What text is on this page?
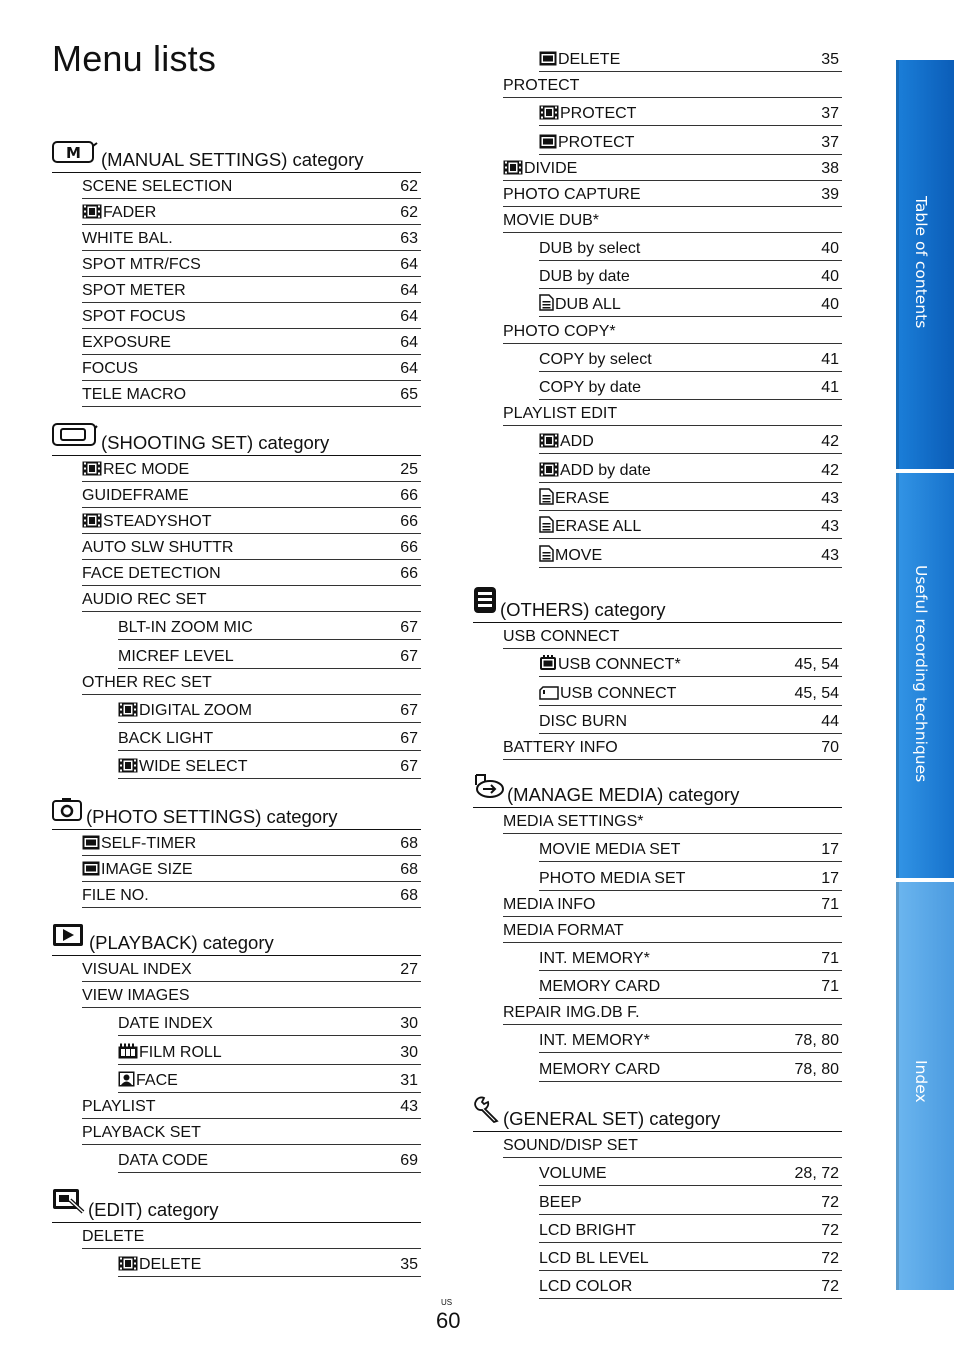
Menu lists
M (MANUAL SETTINGS) category
SCENE SELECTION	62
FADER	62
WHITE BAL.	63
SPOT MTR/FCS	64
SPOT METER	64
SPOT FOCUS	64
EXPOSURE	64
FOCUS	64
TELE MACRO	65
(SHOOTING SET) category
REC MODE	25
GUIDEFRAME	66
STEADYSHOT	66
AUTO SLW SHUTTR	66
FACE DETECTION	66
AUDIO REC SET
BLT-IN ZOOM MIC	67
MICREF LEVEL	67
OTHER REC SET
DIGITAL ZOOM	67
BACK LIGHT	67
WIDE SELECT	67
(PHOTO SETTINGS) category
SELF-TIMER	68
IMAGE SIZE	68
FILE NO.	68
(PLAYBACK) category
VISUAL INDEX	27
VIEW IMAGES
DATE INDEX	30
FILM ROLL	30
FACE	31
PLAYLIST	43
PLAYBACK SET
DATA CODE	69
(EDIT) category
DELETE
DELETE	35
DELETE	35
PROTECT
PROTECT	37
PROTECT	37
DIVIDE	38
PHOTO CAPTURE	39
MOVIE DUB*
DUB by select	40
DUB by date	40
DUB ALL	40
PHOTO COPY*
COPY by select	41
COPY by date	41
PLAYLIST EDIT
ADD	42
ADD by date	42
ERASE	43
ERASE ALL	43
MOVE	43
(OTHERS) category
USB CONNECT
USB CONNECT*	45, 54
USB CONNECT	45, 54
DISC BURN	44
BATTERY INFO	70
(MANAGE MEDIA) category
MEDIA SETTINGS*
MOVIE MEDIA SET	17
PHOTO MEDIA SET	17
MEDIA INFO	71
MEDIA FORMAT
INT. MEMORY*	71
MEMORY CARD	71
REPAIR IMG.DB F.
INT. MEMORY*	78, 80
MEMORY CARD	78, 80
(GENERAL SET) category
SOUND/DISP SET
VOLUME	28, 72
BEEP	72
LCD BRIGHT	72
LCD BL LEVEL	72
LCD COLOR	72
Table of contents
Useful recording techniques
Index
US
60
